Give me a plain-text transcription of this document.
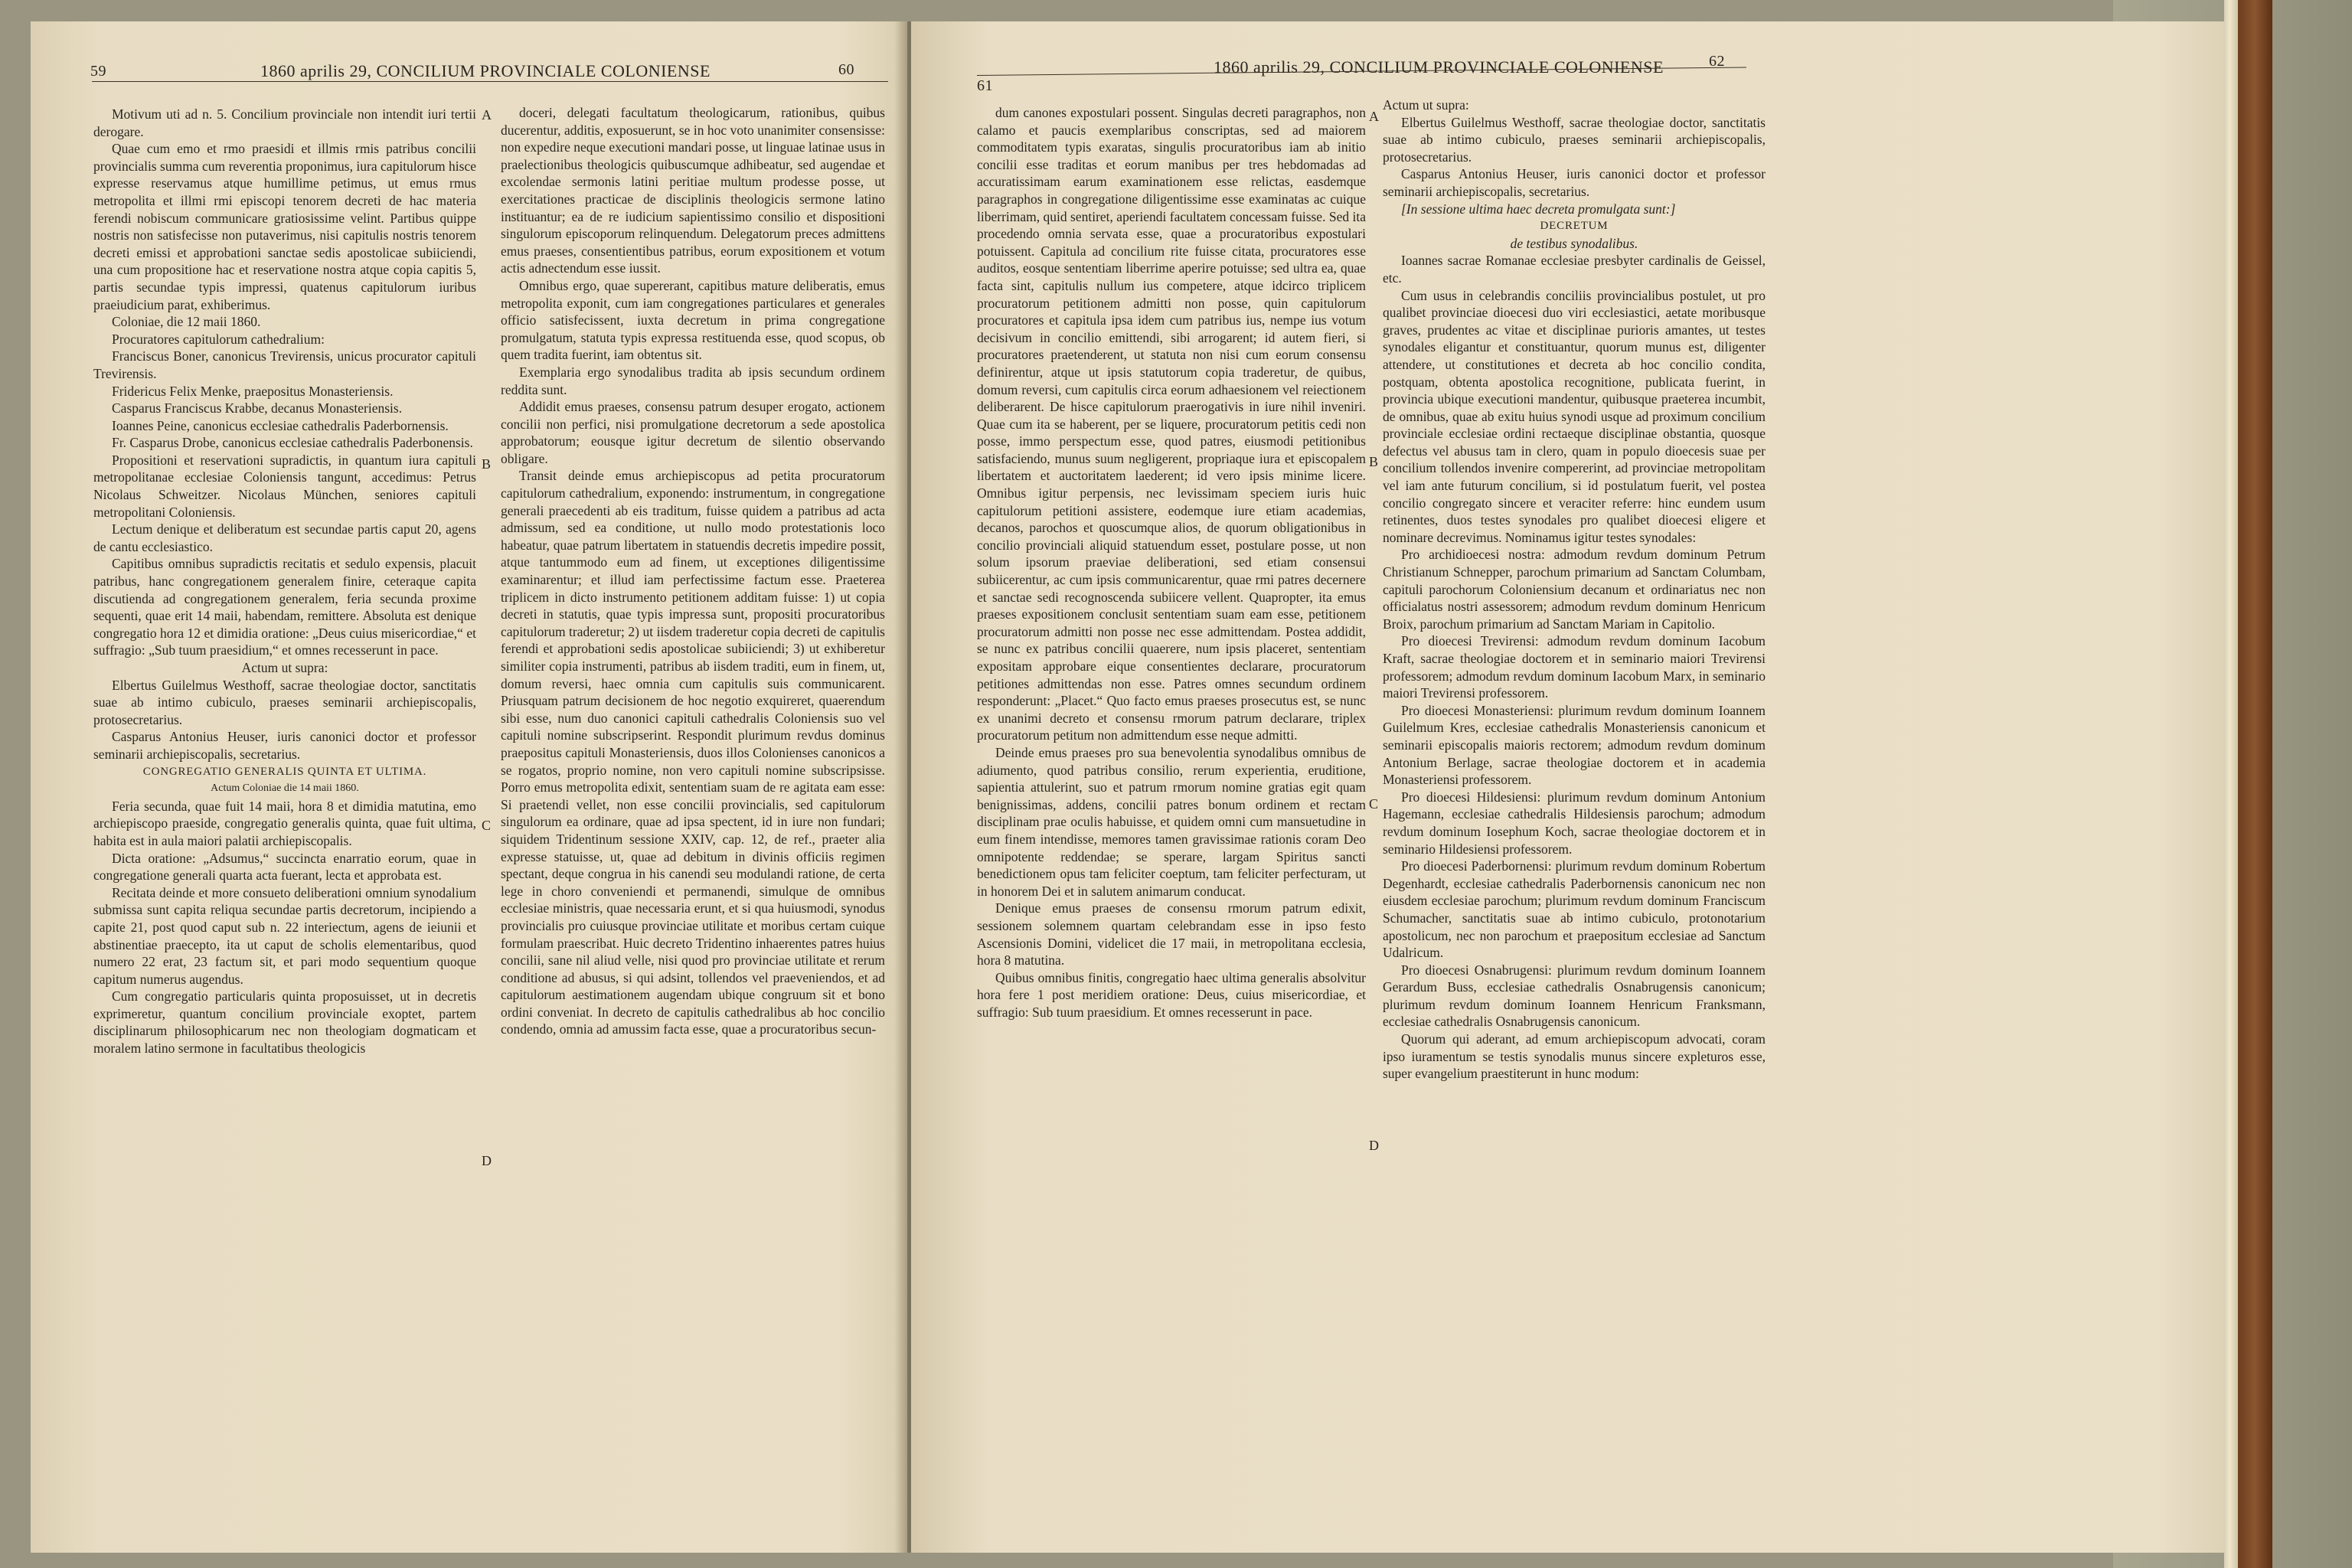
59	1860 aprilis 29, CONCILIUM PROVINCIALE COLONIENSE	60

Motivum uti ad n. 5. Concilium provinciale non intendit iuri tertii derogare.

Quae cum emo et rmo praesidi et illmis rmis patribus concilii provincialis summa cum reverentia proponimus, iura capitulorum hisce expresse reservamus atque humillime petimus, ut emus rmus metropolita et illmi rmi episcopi tenorem decreti de hac materia ferendi nobiscum communicare gratiosissime velint. Partibus quippe nostris non satisfecisse non putaverimus, nisi capitulis nostris tenorem decreti emissi et approbationi sanctae sedis apostolicae subiiciendi, una cum propositione hac et reservatione nostra atque copia capitis 5, partis secundae typis impressi, quatenus capitulorum iuribus praeiudicium parat, exhiberimus.

Coloniae, die 12 maii 1860.

Procuratores capitulorum cathedralium:

Franciscus Boner, canonicus Trevirensis, unicus procurator capituli Trevirensis.

Fridericus Felix Menke, praepositus Monasteriensis.

Casparus Franciscus Krabbe, decanus Monasteriensis.

Ioannes Peine, canonicus ecclesiae cathedralis Paderbornensis.

Fr. Casparus Drobe, canonicus ecclesiae cathedralis Paderbonensis.

Propositioni et reservationi supradictis, in quantum iura capituli metropolitanae ecclesiae Coloniensis tangunt, accedimus: Petrus Nicolaus Schweitzer. Nicolaus München, seniores capituli metropolitani Coloniensis.

Lectum denique et deliberatum est secundae partis caput 20, agens de cantu ecclesiastico.

Capitibus omnibus supradictis recitatis et sedulo expensis, placuit patribus, hanc congregationem generalem finire, ceteraque capita discutienda ad congregationem generalem, feria secunda proxime sequenti, quae erit 14 maii, habendam, remittere. Absoluta est denique congregatio hora 12 et dimidia oratione: „Deus cuius misericordiae,“ et suffragio: „Sub tuum praesidium,“ et omnes recesserunt in pace.

Actum ut supra:

Elbertus Guilelmus Westhoff, sacrae theologiae doctor, sanctitatis suae ab intimo cubiculo, praeses seminarii archiepiscopalis, protosecretarius.

Casparus Antonius Heuser, iuris canonici doctor et professor seminarii archiepiscopalis, secretarius.

CONGREGATIO GENERALIS QUINTA ET ULTIMA.

Actum Coloniae die 14 maii 1860.

Feria secunda, quae fuit 14 maii, hora 8 et dimidia matutina, emo archiepiscopo praeside, congregatio generalis quinta, quae fuit ultima, habita est in aula maiori palatii archiepiscopalis.

Dicta oratione: „Adsumus,“ succincta enarratio eorum, quae in congregatione generali quarta acta fuerant, lecta et approbata est.

Recitata deinde et more consueto deliberationi omnium synodalium submissa sunt capita reliqua secundae partis decretorum, incipiendo a capite 21, post quod caput sub n. 22 interiectum, agens de ieiunii et abstinentiae praecepto, ita ut caput de scholis elementaribus, quod numero 22 erat, 23 factum sit, et pari modo sequentium quoque capitum numerus augendus.

Cum congregatio particularis quinta proposuisset, ut in decretis exprimeretur, quantum concilium provinciale exoptet, partem disciplinarum philosophicarum nec non theologiam dogmaticam et moralem latino sermone in facultatibus theologicis

doceri, delegati facultatum theologicarum, rationibus, quibus ducerentur, additis, exposuerunt, se in hoc voto unanimiter consensisse: non expedire neque executioni mandari posse, ut linguae latinae usus in praelectionibus theologicis quibuscumque adhibeatur, sed augendae et excolendae sermonis latini peritiae multum prodesse posse, ut exercitationes practicae de disciplinis theologicis sermone latino instituantur; ea de re iudicium sapientissimo consilio et dispositioni singulorum episcoporum relinquendum. Delegatorum preces admittens emus praeses, consentientibus patribus, eorum expositionem et votum actis adnectendum esse iussit.

Omnibus ergo, quae supererant, capitibus mature deliberatis, emus metropolita exponit, cum iam congregationes particulares et generales officio satisfecissent, iuxta decretum in prima congregatione promulgatum, statuta typis expressa restituenda esse, quod scopus, ob quem tradita fuerint, iam obtentus sit.

Exemplaria ergo synodalibus tradita ab ipsis secundum ordinem reddita sunt.

Addidit emus praeses, consensu patrum desuper erogato, actionem concilii non perfici, nisi promulgatione decretorum a sede apostolica approbatorum; eousque igitur decretum de silentio observando obligare.

Transit deinde emus archiepiscopus ad petita procuratorum capitulorum cathedralium, exponendo: instrumentum, in congregatione generali praecedenti ab eis traditum, fuisse quidem a patribus ad acta admissum, sed ea conditione, ut nullo modo protestationis loco habeatur, quae patrum libertatem in statuendis decretis impedire possit, atque tantummodo eum ad finem, ut exceptiones diligentissime examinarentur; et illud iam perfectissime factum esse. Praeterea triplicem in dicto instrumento petitionem additam fuisse: 1) ut copia decreti in statutis, quae typis impressa sunt, propositi procuratoribus capitulorum traderetur; 2) ut iisdem traderetur copia decreti de capitulis ferendi et approbationi sedis apostolicae subiiciendi; 3) ut exhiberetur similiter copia instrumenti, patribus ab iisdem traditi, eum in finem, ut, domum reversi, haec omnia cum capitulis suis communicarent. Priusquam patrum decisionem de hoc negotio exquireret, quaerendum sibi esse, num duo canonici capituli cathedralis Coloniensis suo vel capituli nomine subscripserint. Respondit plurimum revdus dominus praepositus capituli Monasteriensis, duos illos Colonienses canonicos a se rogatos, proprio nomine, non vero capituli nomine subscripsisse. Porro emus metropolita edixit, sententiam suam de re agitata eam esse: Si praetendi vellet, non esse concilii provincialis, sed capitulorum singulorum ea ordinare, quae ad ipsa spectent, id in iure non fundari; siquidem Tridentinum sessione XXIV, cap. 12, de ref., praeter alia expresse statuisse, ut, quae ad debitum in divinis officiis regimen spectant, deque congrua in his canendi seu modulandi ratione, de certa lege in choro conveniendi et permanendi, simulque de omnibus ecclesiae ministris, quae necessaria erunt, et si qua huiusmodi, synodus provincialis pro cuiusque provinciae utilitate et moribus certam cuique formulam praescribat. Huic decreto Tridentino inhaerentes patres huius concilii, sane nil aliud velle, nisi quod pro provinciae utilitate et rerum conditione ad abusus, si qui adsint, tollendos vel praeveniendos, et ad capitulorum aestimationem augendam ubique congruum sit et bono ordini conveniat. In decreto de capitulis cathedralibus ab hoc concilio condendo, omnia ad amussim facta esse, quae a procuratoribus secun-

A
B
C
D
61
1860 aprilis 29, CONCILIUM PROVINCIALE COLONIENSE	62

dum canones expostulari possent. Singulas decreti paragraphos, non calamo et paucis exemplaribus conscriptas, sed ad maiorem commoditatem typis exaratas, singulis procuratoribus iam ab initio concilii esse traditas et eorum manibus per tres hebdomadas ad accuratissimam earum examinationem esse relictas, easdemque paragraphos in congregatione diligentissime esse examinatas ac cuique liberrimam, quid sentiret, aperiendi facultatem concessam fuisse. Sed ita procedendo omnia servata esse, quae a procuratoribus expostulari potuissent. Capitula ad concilium rite fuisse citata, procuratores esse auditos, eosque sententiam liberrime aperire potuisse; sed ultra ea, quae facta sint, capitulis nullum ius competere, atque idcirco triplicem procuratorum petitionem admitti non posse, quin capitulorum procuratores et capitula ipsa idem cum patribus ius, nempe ius votum decisivum in concilio emittendi, sibi arrogarent; id autem fieri, si procuratores praetenderent, ut statuta non nisi cum eorum consensu definirentur, atque ut ipsis statutorum copia traderetur, de quibus, domum reversi, cum capitulis circa eorum adhaesionem vel reiectionem deliberarent. De hisce capitulorum praerogativis in iure nihil inveniri. Quae cum ita se haberent, per se liquere, procuratorum petitis cedi non posse, immo perspectum esse, quod patres, eiusmodi petitionibus satisfaciendo, munus suum negligerent, propriaque iura et episcopalem libertatem et auctoritatem laederent; id vero ipsis minime licere. Omnibus igitur perpensis, nec levissimam speciem iuris huic capitulorum petitioni assistere, eodemque iure etiam academias, decanos, parochos et quoscumque alios, de quorum obligationibus in concilio provinciali aliquid statuendum esset, postulare posse, ut non solum ipsorum praeviae deliberationi, sed etiam consensui subiicerentur, ac cum ipsis communicarentur, quae rmi patres decernere et sanctae sedi recognoscenda subiicere vellent. Quapropter, ita emus praeses expositionem conclusit sententiam suam eam esse, petitionem procuratorum admitti non posse nec esse admittendam. Postea addidit, se nunc ex patribus concilii quaerere, num ipsis placeret, sententiam expositam approbare eique consentientes declarare, procuratorum petitiones admittendas non esse. Patres omnes secundum ordinem responderunt: „Placet.“ Quo facto emus praeses prosecutus est, se nunc ex unanimi decreto et consensu rmorum patrum declarare, triplex procuratorum petitum non admittendum esse neque admitti.

Deinde emus praeses pro sua benevolentia synodalibus omnibus de adiumento, quod patribus consilio, rerum experientia, eruditione, sapientia attulerint, suo et patrum rmorum nomine gratias egit quam benignissimas, addens, concilii patres bonum ordinem et rectam disciplinam prae oculis habuisse, et quidem omni cum mansuetudine in eum finem intendisse, memores tamen gravissimae rationis coram Deo omnipotente reddendae; se sperare, largam Spiritus sancti benedictionem opus tam feliciter coeptum, tam feliciter perfecturam, ut in honorem Dei et in salutem animarum conducat.

Denique emus praeses de consensu rmorum patrum edixit, sessionem solemnem quartam celebrandam esse in ipso festo Ascensionis Domini, videlicet die 17 maii, in metropolitana ecclesia, hora 8 matutina.

Quibus omnibus finitis, congregatio haec ultima generalis absolvitur hora fere 1 post meridiem oratione: Deus, cuius misericordiae, et suffragio: Sub tuum praesidium. Et omnes recesserunt in pace.

Actum ut supra:

Elbertus Guilelmus Westhoff, sacrae theologiae doctor, sanctitatis suae ab intimo cubiculo, praeses seminarii archiepiscopalis, protosecretarius.

Casparus Antonius Heuser, iuris canonici doctor et professor seminarii archiepiscopalis, secretarius.

[In sessione ultima haec decreta promulgata sunt:]

DECRETUM

de testibus synodalibus.

Ioannes sacrae Romanae ecclesiae presbyter cardinalis de Geissel, etc.

Cum usus in celebrandis conciliis provincialibus postulet, ut pro qualibet provinciae dioecesi duo viri ecclesiastici, aetate moribusque graves, prudentes ac vitae et disciplinae purioris amantes, ut testes synodales eligantur et constituantur, quorum munus est, diligenter attendere, ut constitutiones et decreta ab hoc concilio condita, postquam, obtenta apostolica recognitione, publicata fuerint, in provincia ubique executioni mandentur, quibusque praeterea incumbit, de omnibus, quae ab exitu huius synodi usque ad proximum concilium provinciale ecclesiae ordini rectaeque disciplinae obstantia, quosque defectus vel abusus tam in clero, quam in populo dioecesis suae per concilium tollendos invenire compererint, ad provinciae metropolitam vel iam ante futurum concilium, si id postulatum fuerit, vel postea concilio congregato sincere et veraciter referre: hinc eundem usum retinentes, duos testes synodales pro qualibet dioecesi eligere et nominare decrevimus. Nominamus igitur testes synodales:

Pro archidioecesi nostra: admodum revdum dominum Petrum Christianum Schnepper, parochum primarium ad Sanctam Columbam, capituli parochorum Coloniensium decanum et ordinariatus nec non officialatus nostri assessorem; admodum revdum dominum Henricum Broix, parochum primarium ad Sanctam Mariam in Capitolio.

Pro dioecesi Trevirensi: admodum revdum dominum Iacobum Kraft, sacrae theologiae doctorem et in seminario maiori Trevirensi professorem; admodum revdum dominum Iacobum Marx, in seminario maiori Trevirensi professorem.

Pro dioecesi Monasteriensi: plurimum revdum dominum Ioannem Guilelmum Kres, ecclesiae cathedralis Monasteriensis canonicum et seminarii episcopalis maioris rectorem; admodum revdum dominum Antonium Berlage, sacrae theologiae doctorem et in academia Monasteriensi professorem.

Pro dioecesi Hildesiensi: plurimum revdum dominum Antonium Hagemann, ecclesiae cathedralis Hildesiensis parochum; admodum revdum dominum Iosephum Koch, sacrae theologiae doctorem et in seminario Hildesiensi professorem.

Pro dioecesi Paderbornensi: plurimum revdum dominum Robertum Degenhardt, ecclesiae cathedralis Paderbornensis canonicum nec non eiusdem ecclesiae parochum; plurimum revdum dominum Franciscum Schumacher, sanctitatis suae ab intimo cubiculo, protonotarium apostolicum, nec non parochum et praepositum ecclesiae ad Sanctum Udalricum.

Pro dioecesi Osnabrugensi: plurimum revdum dominum Ioannem Gerardum Buss, ecclesiae cathedralis Osnabrugensis canonicum; plurimum revdum dominum Ioannem Henricum Franksmann, ecclesiae cathedralis Osnabrugensis canonicum.

Quorum qui aderant, ad emum archiepiscopum advocati, coram ipso iuramentum se testis synodalis munus sincere expleturos esse, super evangelium praestiterunt in hunc modum:

A
B
C
D
